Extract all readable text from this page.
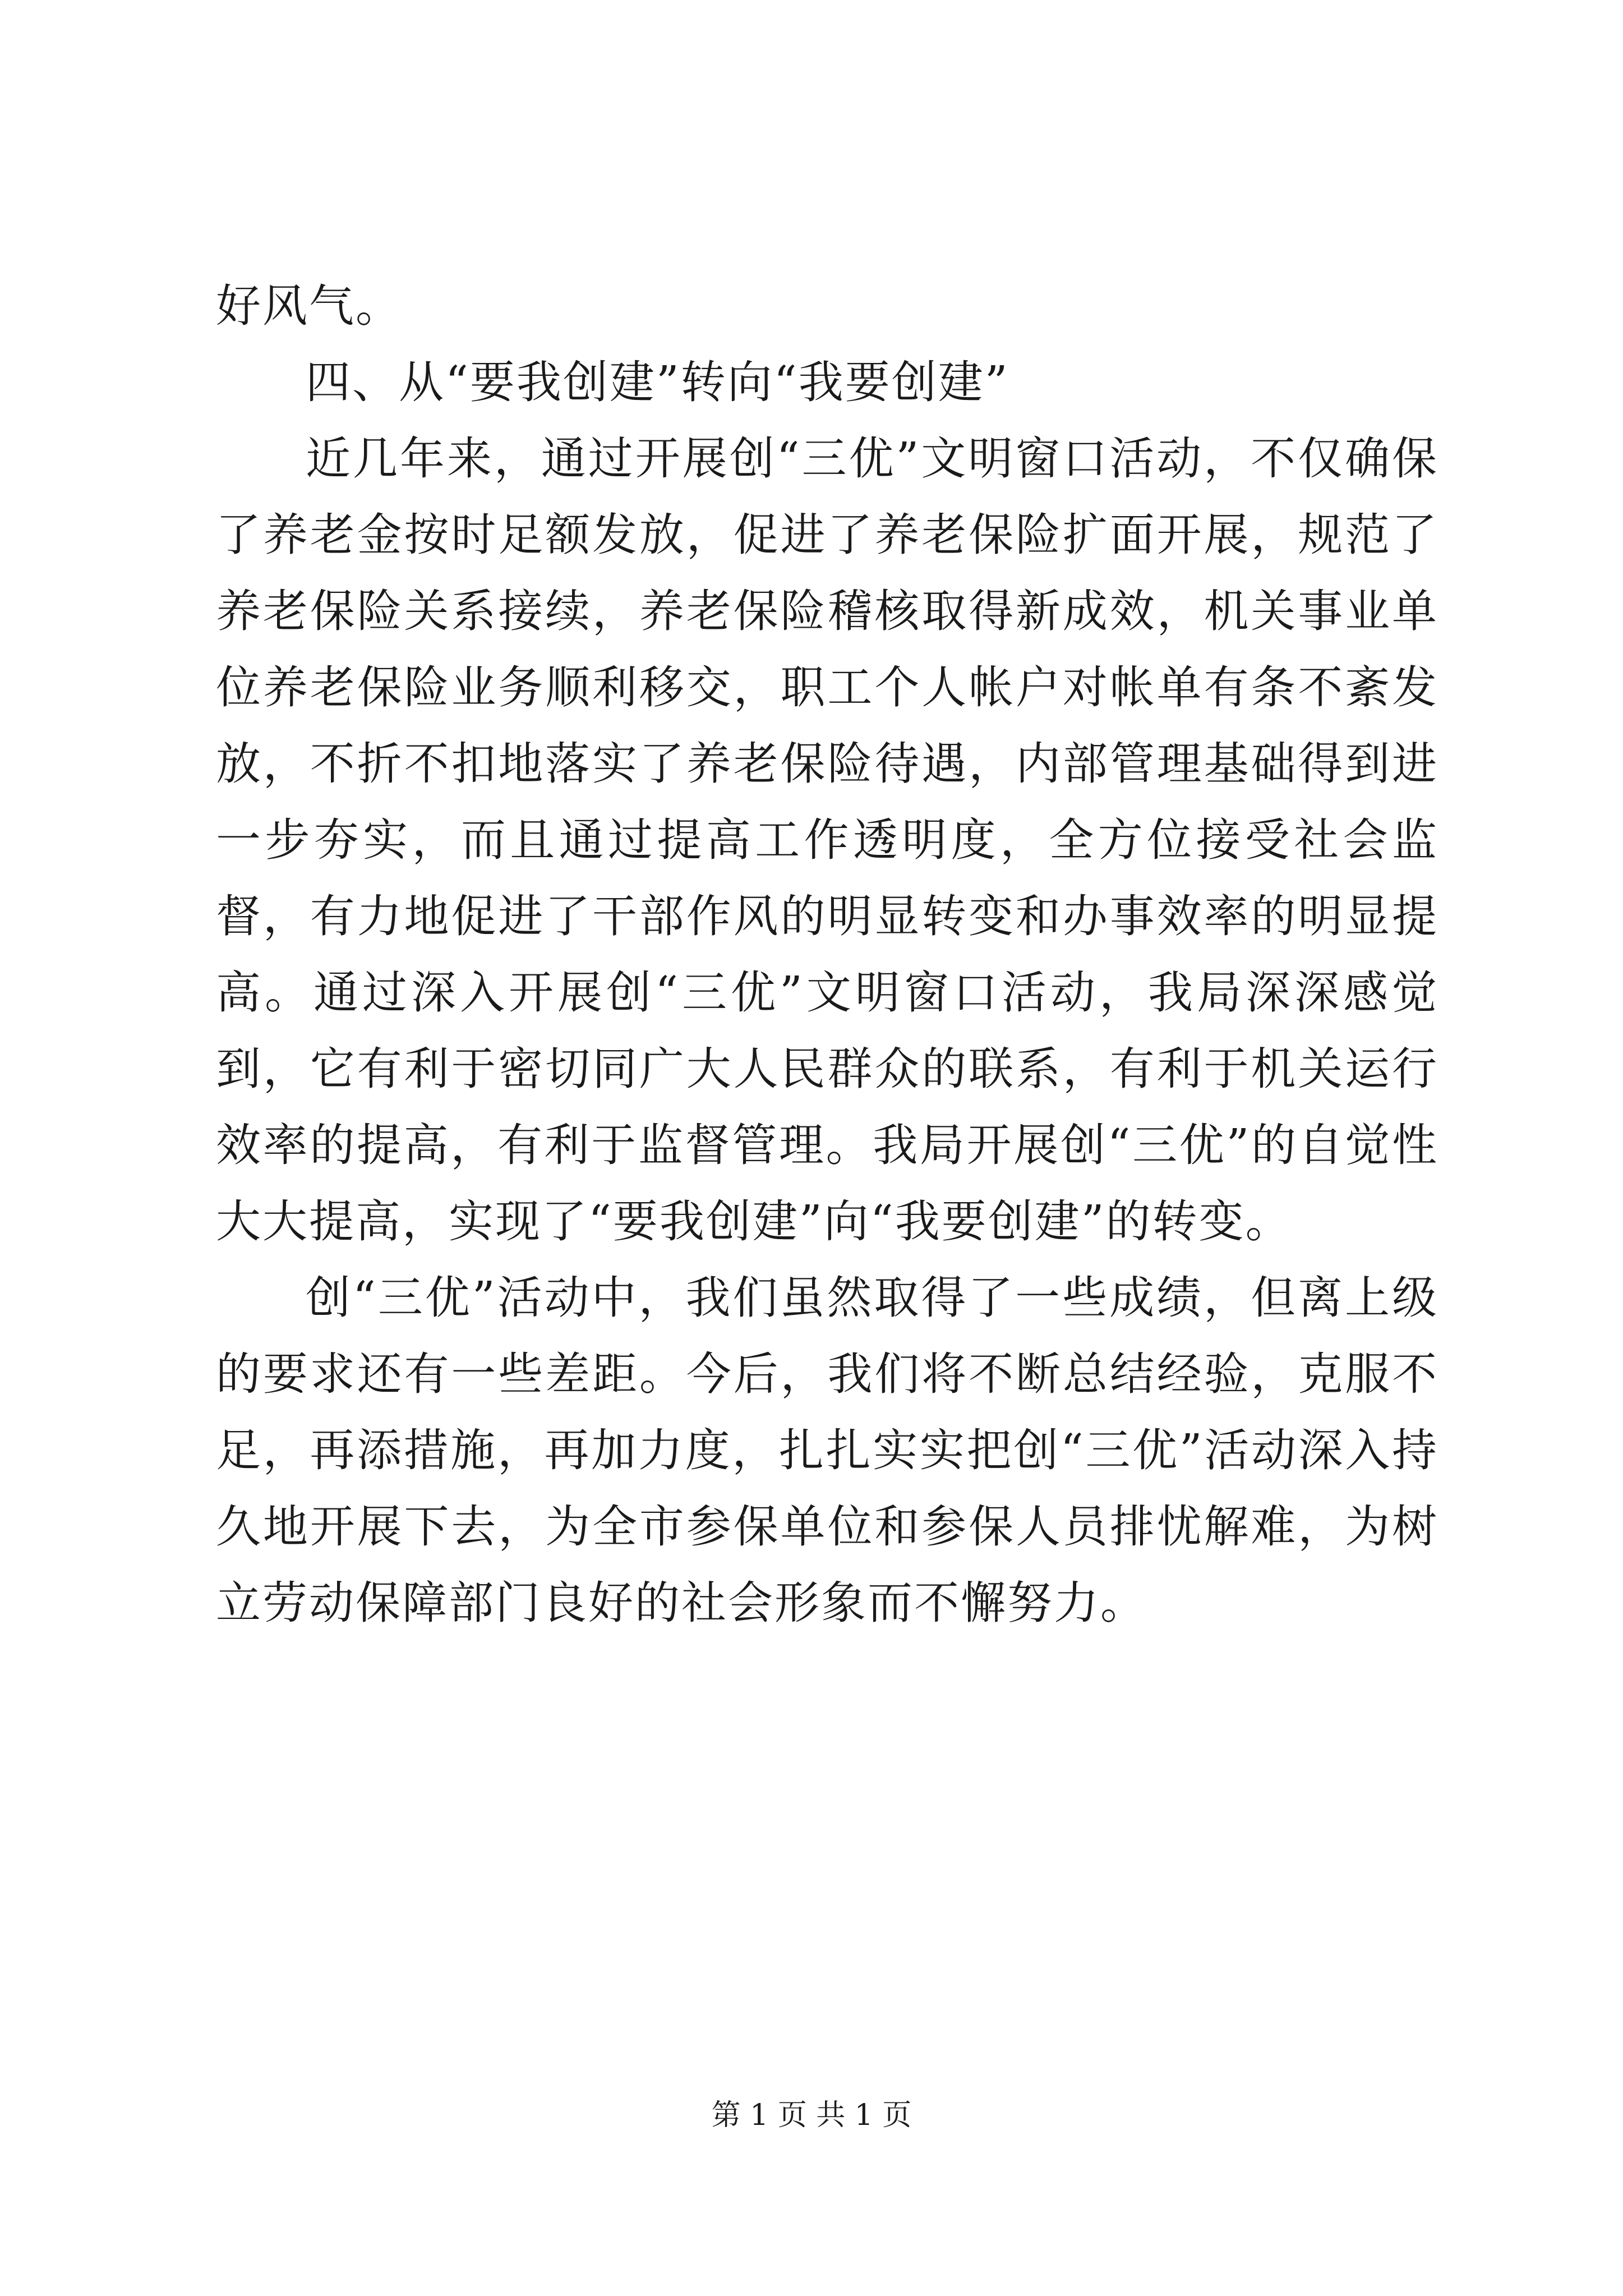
好风气。

四、从“要我创建”转向“我要创建”

近几年来，通过开展创“三优”文明窗口活动，不仅确保了养老金按时足额发放，促进了养老保险扩面开展，规范了养老保险关系接续，养老保险稽核取得新成效，机关事业单位养老保险业务顺利移交，职工个人帐户对帐单有条不紊发放，不折不扣地落实了养老保险待遇，内部管理基础得到进一步夯实，而且通过提高工作透明度，全方位接受社会监督，有力地促进了干部作风的明显转变和办事效率的明显提高。通过深入开展创“三优”文明窗口活动，我局深深感觉到，它有利于密切同广大人民群众的联系，有利于机关运行效率的提高，有利于监督管理。我局开展创“三优”的自觉性大大提高，实现了“要我创建”向“我要创建”的转变。

创“三优”活动中，我们虽然取得了一些成绩，但离上级的要求还有一些差距。今后，我们将不断总结经验，克服不足，再添措施，再加力度，扎扎实实把创“三优”活动深入持久地开展下去，为全市参保单位和参保人员排忧解难，为树立劳动保障部门良好的社会形象而不懈努力。

第 1 页 共 1 页
